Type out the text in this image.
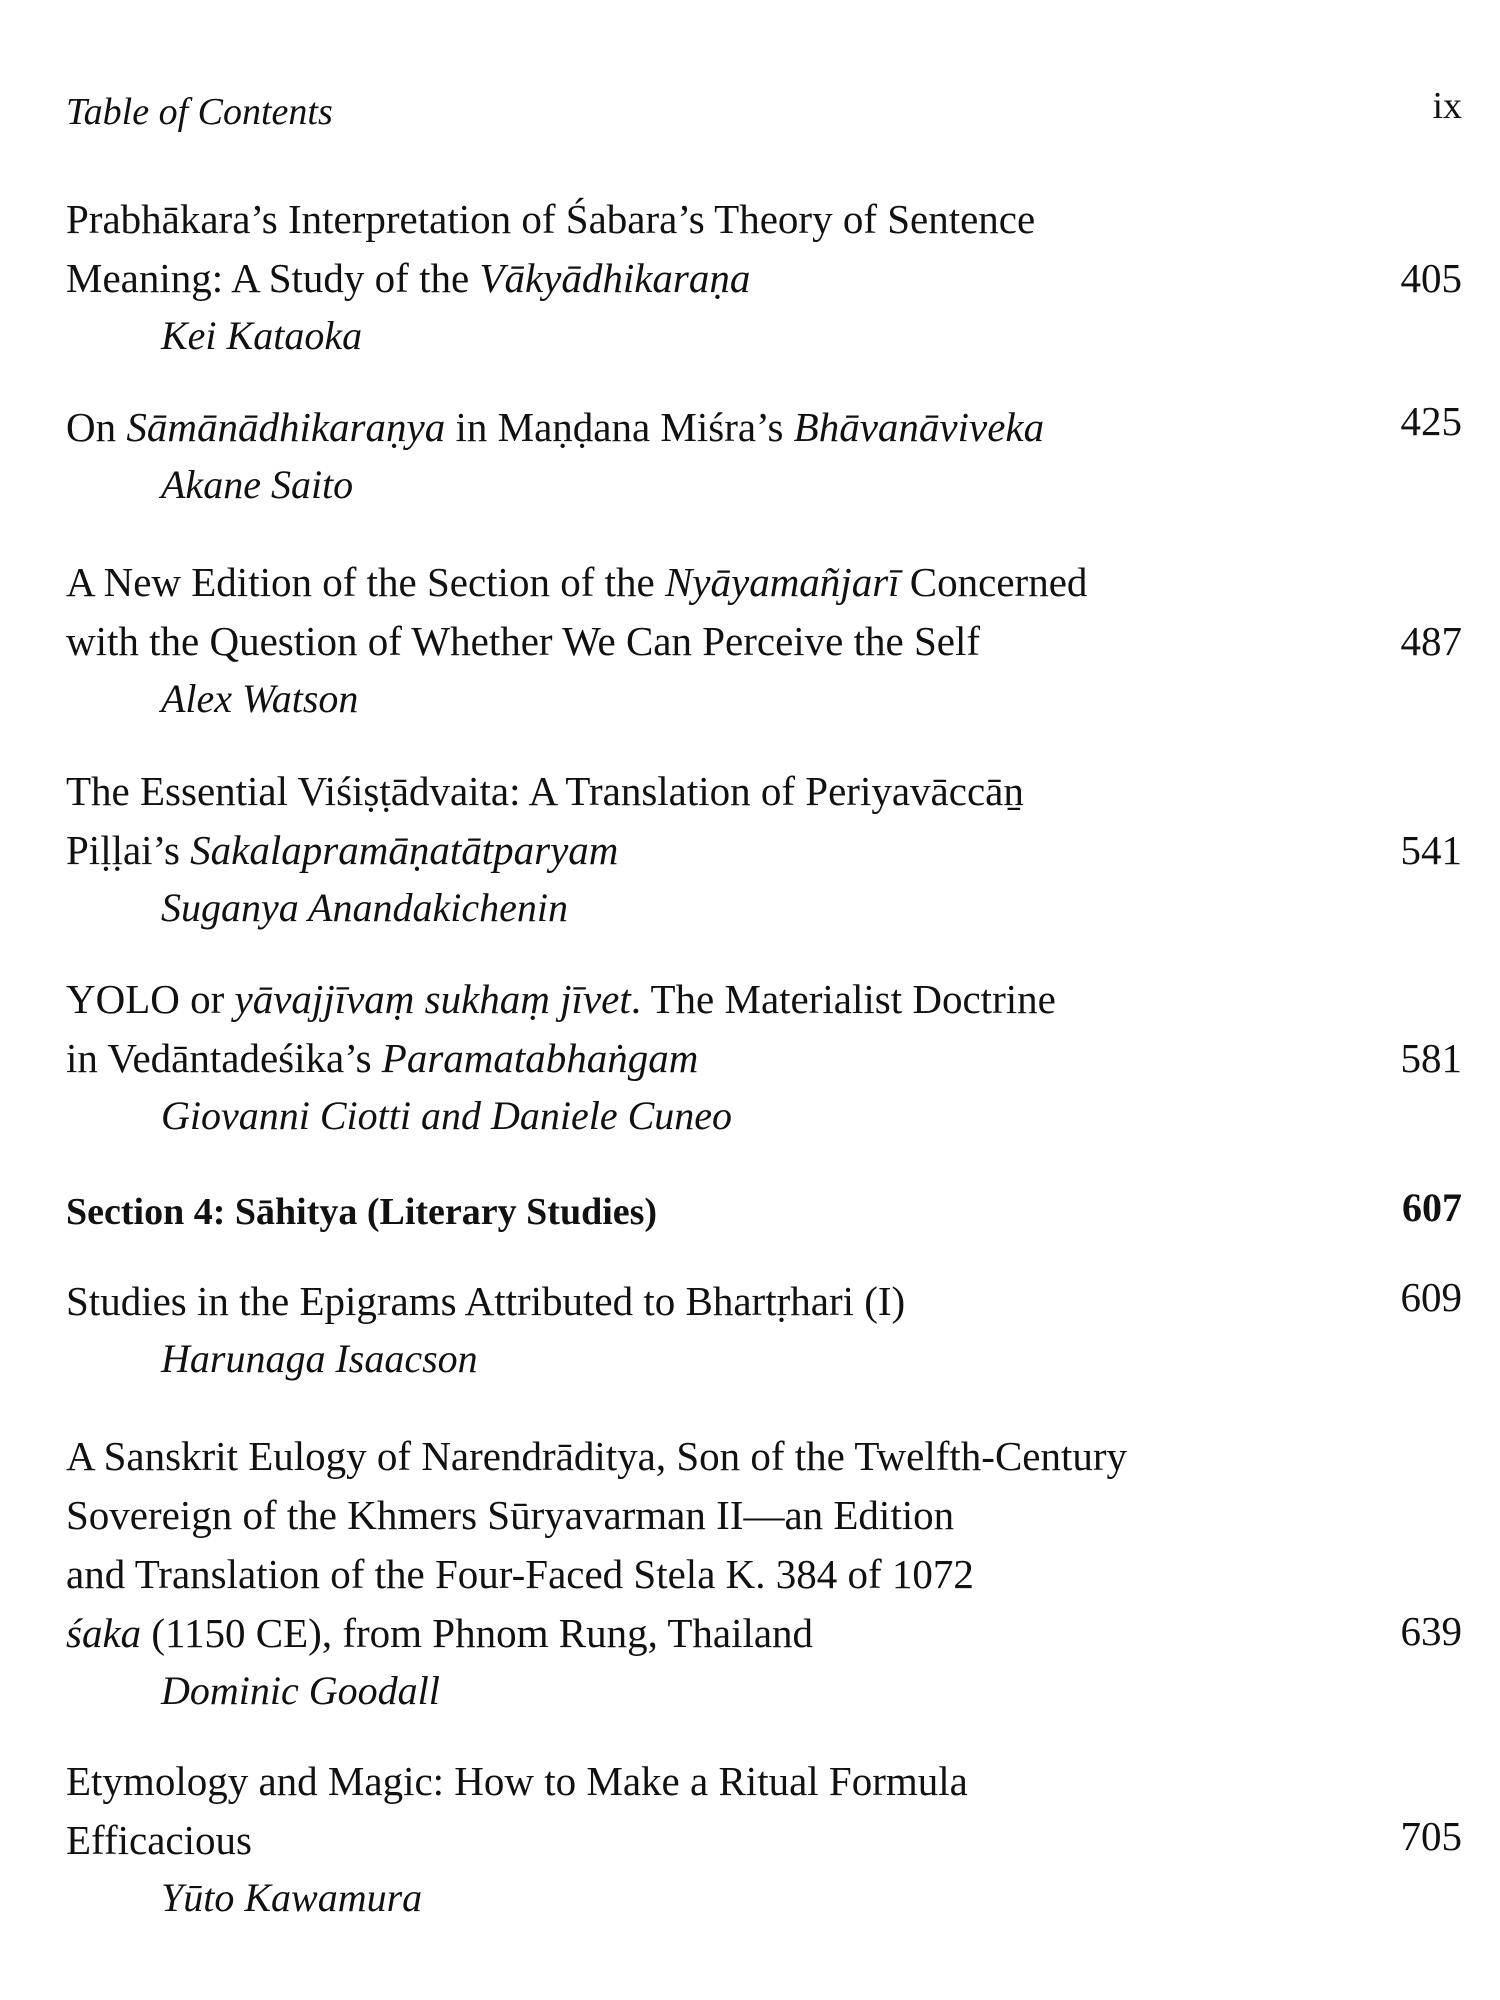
Table of Contents	ix
Prabhākara’s Interpretation of Śabara’s Theory of Sentence
Meaning: A Study of the Vākyādhikaraṇa	405
Kei Kataoka
On Sāmānādhikaraṇya in Maṇḍana Miśra’s Bhāvanāviveka	425
Akane Saito
A New Edition of the Section of the Nyāyamañjarī Concerned
with the Question of Whether We Can Perceive the Self	487
Alex Watson
The Essential Viśiṣṭādvaita: A Translation of Periyavāccāṉ
Piḷḷai’s Sakalapramāṇatātparyam	541
Suganya Anandakichenin
YOLO or yāvajjīvaṃ sukhaṃ jīvet. The Materialist Doctrine
in Vedāntadeśika’s Paramatabhaṅgam	581
Giovanni Ciotti and Daniele Cuneo
Section 4: Sāhitya (Literary Studies)	607
Studies in the Epigrams Attributed to Bhartṛhari (I)	609
Harunaga Isaacson
A Sanskrit Eulogy of Narendrāditya, Son of the Twelfth-Century
Sovereign of the Khmers Sūryavarman II—an Edition
and Translation of the Four-Faced Stela K. 384 of 1072
śaka (1150 CE), from Phnom Rung, Thailand	639
Dominic Goodall
Etymology and Magic: How to Make a Ritual Formula
Efficacious	705
Yūto Kawamura
